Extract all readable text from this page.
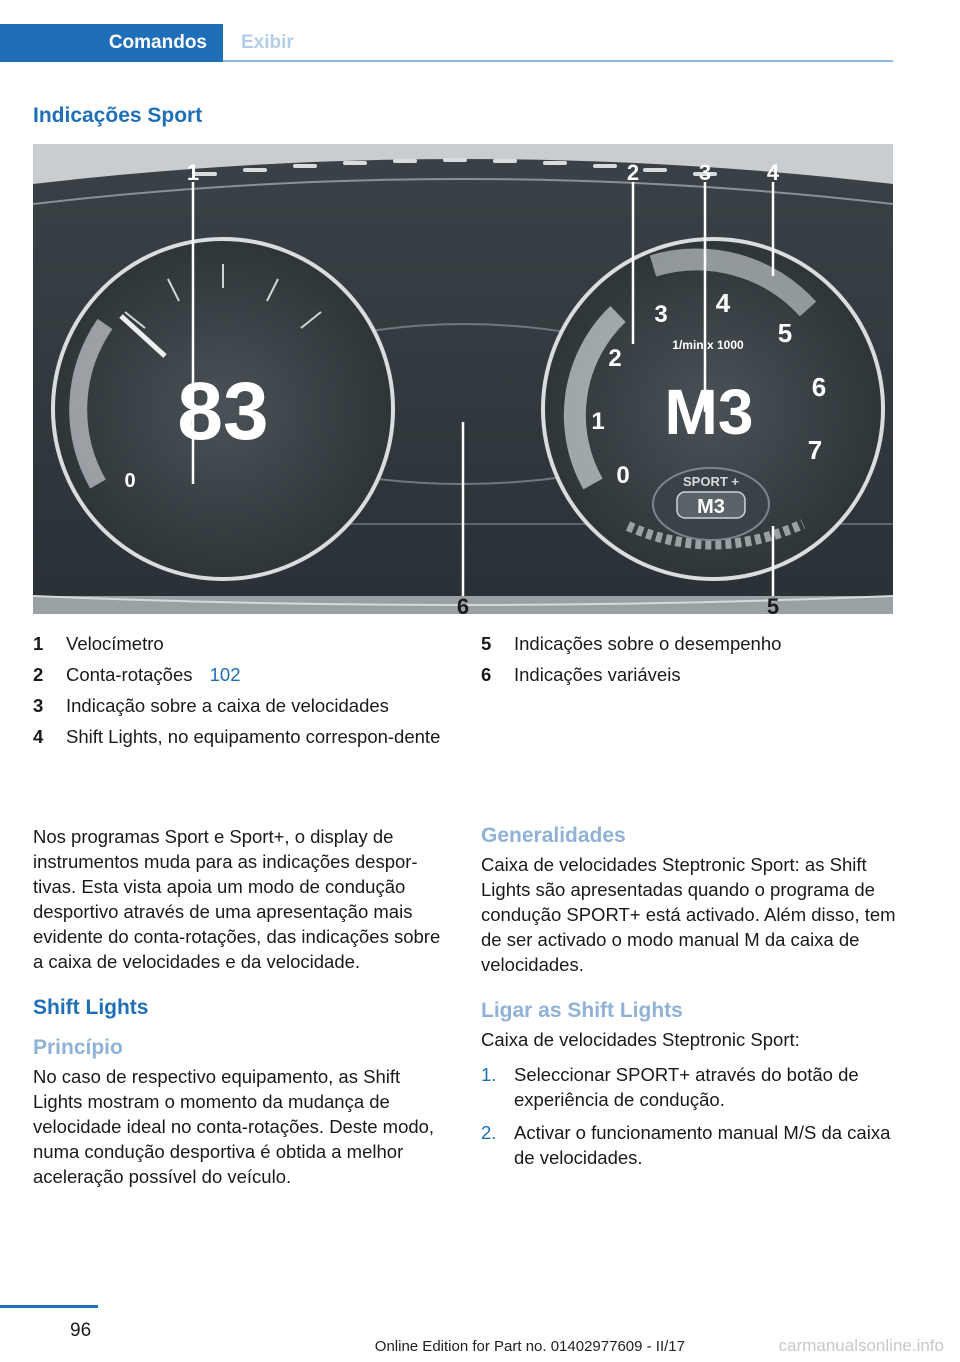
Comandos	Exibir
Indicações Sport
83
0	0
1
2
3 4
5
6
7
1/min x 1000
M3
SPORT +
M3
1	2	3	4
5
6
1 Velocímetro
2 Conta-rotações 102
3 Indicação sobre a caixa de velocidades
4 Shift Lights, no equipamento correspon‐dente
5 Indicações sobre o desempenho
6 Indicações variáveis

Nos programas Sport e Sport+, o display de instrumentos muda para as indicações despor‐tivas. Esta vista apoia um modo de condução desportivo através de uma apresentação mais evidente do conta-rotações, das indicações sobre a caixa de velocidades e da velocidade.

Shift Lights
Princípio

No caso de respectivo equipamento, as Shift Lights mostram o momento da mudança de velocidade ideal no conta-rotações. Deste modo, numa condução desportiva é obtida a melhor aceleração possível do veículo.

Generalidades

Caixa de velocidades Steptronic Sport: as Shift Lights são apresentadas quando o programa de condução SPORT+ está activado. Além disso, tem de ser activado o modo manual M da caixa de velocidades.

Ligar as Shift Lights

Caixa de velocidades Steptronic Sport:

1. Seleccionar SPORT+ através do botão de experiência de condução.
2. Activar o funcionamento manual M/S da caixa de velocidades.
96
Online Edition for Part no. 01402977609 - II/17	carmanualsonline.info
